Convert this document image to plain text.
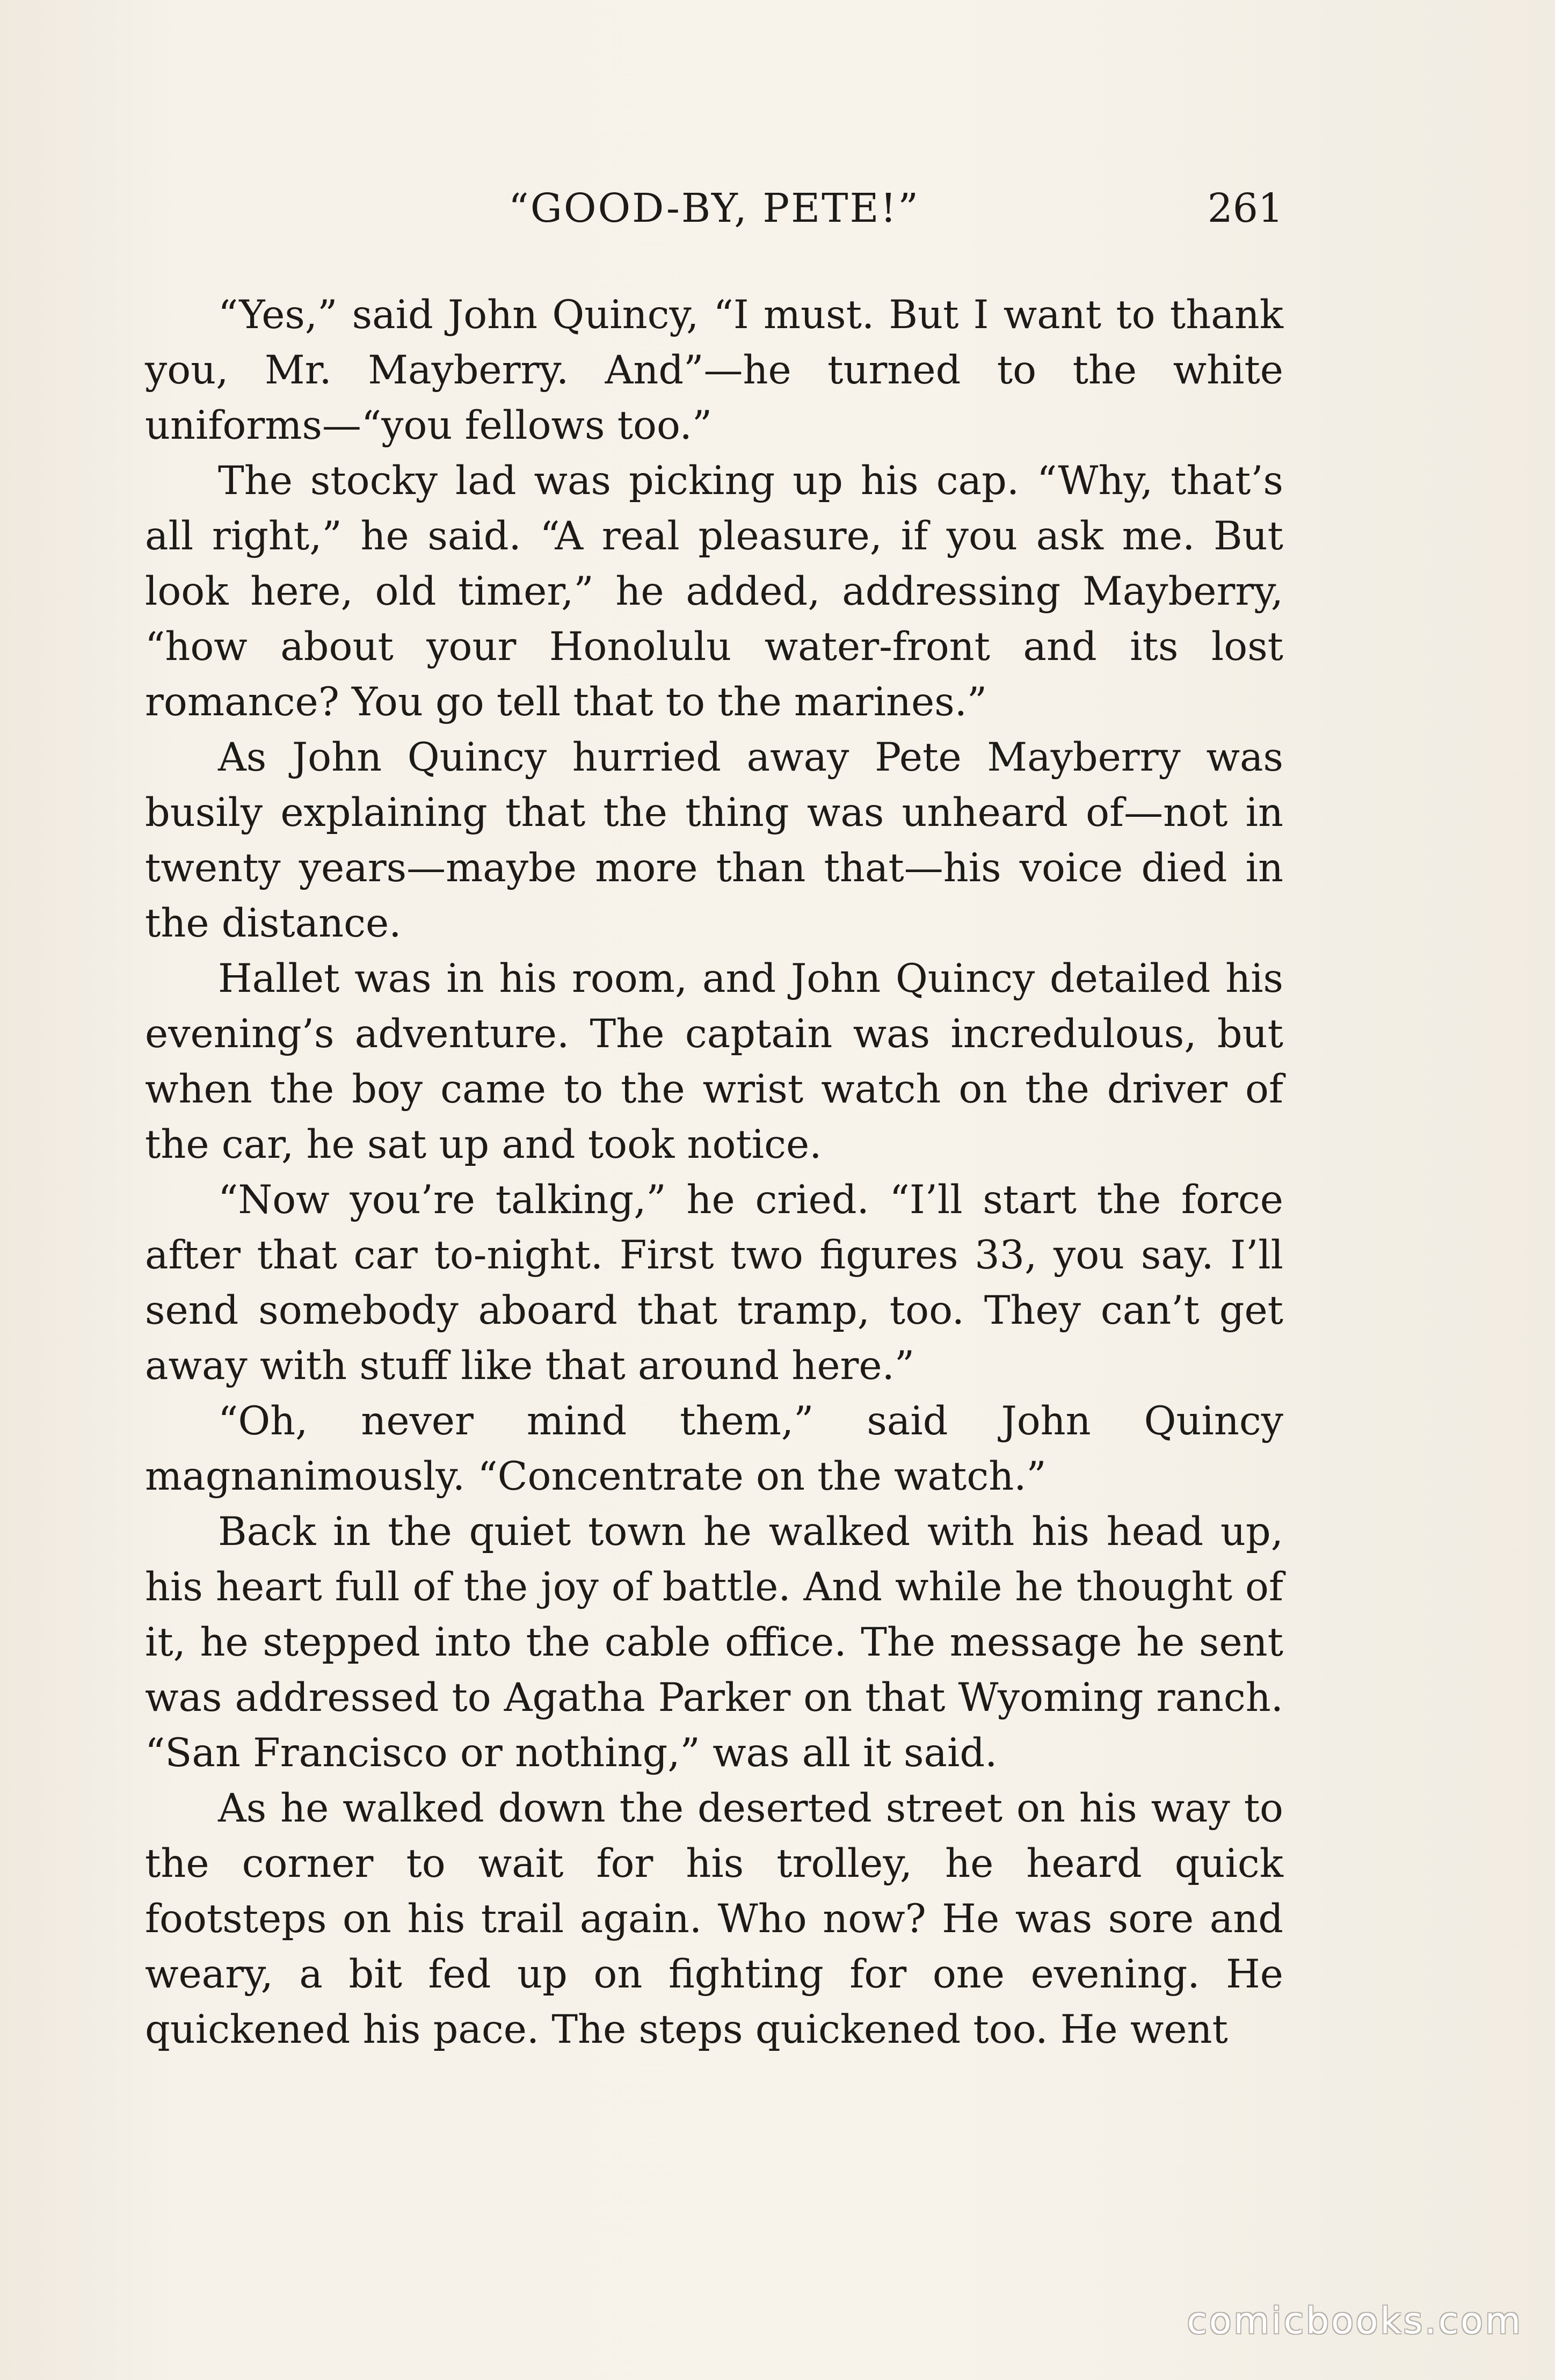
“GOOD-BY, PETE!”	261

“Yes,” said John Quincy, “I must. But I want to thank you, Mr. Mayberry. And”—he turned to the white uniforms—“you fellows too.”

The stocky lad was picking up his cap. “Why, that’s all right,” he said. “A real pleasure, if you ask me. But look here, old timer,” he added, addressing Mayberry, “how about your Honolulu water-front and its lost romance? You go tell that to the marines.”

As John Quincy hurried away Pete Mayberry was busily explaining that the thing was unheard of—not in twenty years—maybe more than that—his voice died in the distance.

Hallet was in his room, and John Quincy detailed his evening’s adventure. The captain was incredulous, but when the boy came to the wrist watch on the driver of the car, he sat up and took notice.

“Now you’re talking,” he cried. “I’ll start the force after that car to-night. First two figures 33, you say. I’ll send somebody aboard that tramp, too. They can’t get away with stuff like that around here.”

“Oh, never mind them,” said John Quincy magnanimously. “Concentrate on the watch.”

Back in the quiet town he walked with his head up, his heart full of the joy of battle. And while he thought of it, he stepped into the cable office. The message he sent was addressed to Agatha Parker on that Wyoming ranch. “San Francisco or nothing,” was all it said.

As he walked down the deserted street on his way to the corner to wait for his trolley, he heard quick footsteps on his trail again. Who now? He was sore and weary, a bit fed up on fighting for one evening. He quickened his pace. The steps quickened too. He went

comicbooks.com
